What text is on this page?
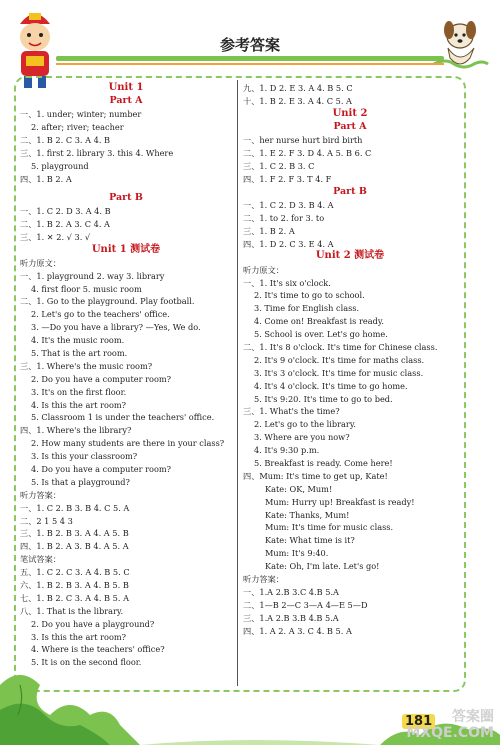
参考答案
Unit 1
Part A
一、1. under; winter; number
2. after; river; teacher
二、1. B 2. C 3. A 4. B
三、1. first 2. library 3. this 4. Where
5. playground
四、1. B 2. A
Part B
一、1. C 2. D 3. A 4. B
二、1. B 2. A 3. C 4. A
三、1. ✕ 2. √ 3. √
Unit 1 测试卷
听力原文：
一、1. playground 2. way 3. library
4. first floor 5. music room
二、1. Go to the playground. Play football.
2. Let's go to the teachers' office.
3. —Do you have a library? —Yes, We do.
4. It's the music room.
5. That is the art room.
三、1. Where's the music room?
2. Do you have a computer room?
3. It's on the first floor.
4. Is this the art room?
5. Classroom 1 is under the teachers' office.
四、1. Where's the library?
2. How many students are there in your class?
3. Is this your classroom?
4. Do you have a computer room?
5. Is that a playground?
听力答案：
一、1. C 2. B 3. B 4. C 5. A
二、2 1 5 4 3
三、1. B 2. B 3. A 4. A 5. B
四、1. B 2. A 3. B 4. A 5. A
笔试答案：
五、1. C 2. C 3. A 4. B 5. C
六、1. B 2. B 3. A 4. B 5. B
七、1. B 2. C 3. A 4. B 5. A
八、1. That is the library.
2. Do you have a playground?
3. Is this the art room?
4. Where is the teachers' office?
5. It is on the second floor.
九、1. D 2. E 3. A 4. B 5. C
十、1. B 2. E 3. A 4. C 5. A
Unit 2
Part A
一、her nurse hurt bird birth
二、1. E 2. F 3. D 4. A 5. B 6. C
三、1. C 2. B 3. C
四、1. F 2. F 3. T 4. F
Part B
一、1. C 2. D 3. B 4. A
二、1. to 2. for 3. to
三、1. B 2. A
四、1. D 2. C 3. E 4. A
Unit 2 测试卷
听力原文：
一、1. It's six o'clock.
2. It's time to go to school.
3. Time for English class.
4. Come on! Breakfast is ready.
5. School is over. Let's go home.
二、1. It's 8 o'clock. It's time for Chinese class.
2. It's 9 o'clock. It's time for maths class.
3. It's 3 o'clock. It's time for music class.
4. It's 4 o'clock. It's time to go home.
5. It's 9:20. It's time to go to bed.
三、1. What's the time?
2. Let's go to the library.
3. Where are you now?
4. It's 9:30 p.m.
5. Breakfast is ready. Come here!
四、Mum: It's time to get up, Kate!
Kate: OK, Mum!
Mum: Hurry up! Breakfast is ready!
Kate: Thanks, Mum!
Mum: It's time for music class.
Kate: What time is it?
Mum: It's 9:40.
Kate: Oh, I'm late. Let's go!
听力答案：
一、1.A 2.B 3.C 4.B 5.A
二、1—B 2—C 3—A 4—E 5—D
三、1.A 2.B 3.B 4.B 5.A
四、1. A 2. A 3. C 4. B 5. A
181	答案圈
MXQE.COM
